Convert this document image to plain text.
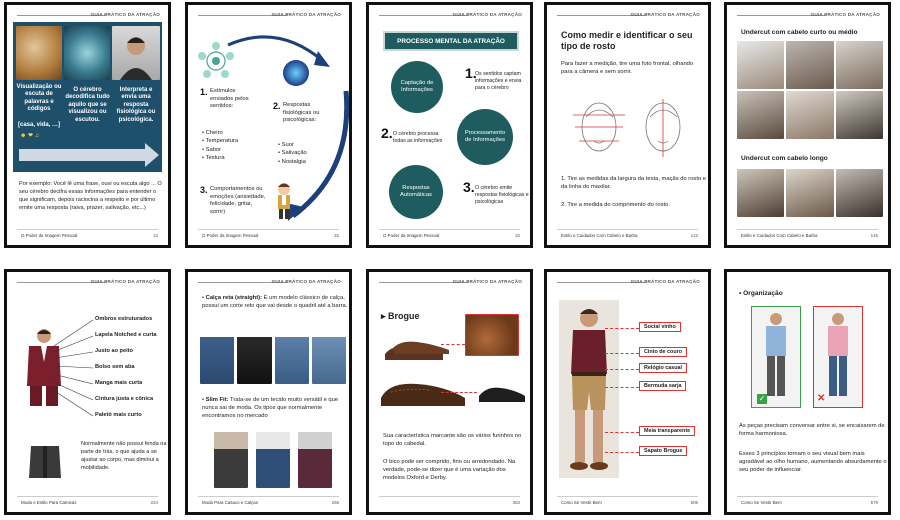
GUIA PRÁTICO DA ATRAÇÃO
Visualização ou escuta de palavras e códigos
[casa, vida, …]
☻ ❤ ♫
O cérebro decodifica tudo aquilo que se visualizou ou escutou.
Interpreta e envia uma resposta fisiológica ou psicológica.
Por exemplo: Você lê uma frase, ouvi ou escuta algo ... O seu cérebro decifra essas informações para entender o que significam, depois raciocina a respeito e por último emite uma resposta (raiva, prazer, salivação, etc...)
O Poder da Imagem Pessoal	13
GUIA PRÁTICO DA ATRAÇÃO
1. Estímulos enviados pelos sentidos:
• Cheiro
• Temperatura
• Sabor
• Textura
2. Respostas fisiológicas ou psicológicas:
• Suor
• Salivação
• Nostalgia
3. Comportamentos ou emoções (ansiedade, felicidade, gritar, sorrir)
O Poder da Imagem Pessoal	15
GUIA PRÁTICO DA ATRAÇÃO
PROCESSO MENTAL DA ATRAÇÃO
Captação de Informações
Processamento de Informações
Respostas Automáticas
1.
Os sentidos captam informações e envia para o cérebro
2. O cérebro processa todas as informações
3. O cérebro emite respostas fisiológicas e psicológicas
O Poder da Imagem Pessoal	32
GUIA PRÁTICO DA ATRAÇÃO
Como medir e identificar o seu tipo de rosto
Para fazer a medição, tire uma foto frontal, olhando para a câmera e sem sorrir.
1. Tire as medidas da largura da testa, maçãs do rosto e da linha do maxilar.
2. Tire a medida do comprimento do rosto.
Estilo e Cuidados Com Cabelo e Barba	122
GUIA PRÁTICO DA ATRAÇÃO
Undercut com cabelo curto ou médio
Undercut com cabelo longo
Estilo e Cuidados Com Cabelo e Barba	146
GUIA PRÁTICO DA ATRAÇÃO
Ombros estruturados
Lapela Notched e curta
Justo ao peito
Bolso sem aba
Manga mais curta
Cintura justa e cônica
Paletó mais curto
Normalmente não possui fenda na parte de trás, o que ajuda a se ajustar ao corpo, mas diminui a mobilidade.
Moda e Estilo Para Camisas	224
GUIA PRÁTICO DA ATRAÇÃO
• Calça reta (straight): É um modelo clássico de calça, possui um corte reto que vai desde o quadril até a barra.
• Slim Fit: Trata-se de um tecido muito versátil e que nunca sai de moda. Os tipos que normalmente encontramos no mercado
Moda Para Casaco e Calças	268
GUIA PRÁTICO DA ATRAÇÃO
▸ Brogue
Sua característica marcante são os vários furinhos no topo do cabedal.
O bico pode ser comprido, fino ou arredondado. Na verdade, pode-se dizer que é uma variação dos modelos Oxford e Derby.
353
GUIA PRÁTICO DA ATRAÇÃO
Social vinho
Cinto de couro
Relógio casual
Bermuda sarja
Meia transparente
Sapato Brogue
Como Se Vestir Bem	505
• Organização
✓	✕
As peças precisam conversar entre si, se encaixarem de forma harmoniosa.
Esses 3 princípios tornam o seu visual bem mais agradável ao olho humano, aumentando absurdamente o seu poder de influenciar.
Como Se Vestir Bem	579
